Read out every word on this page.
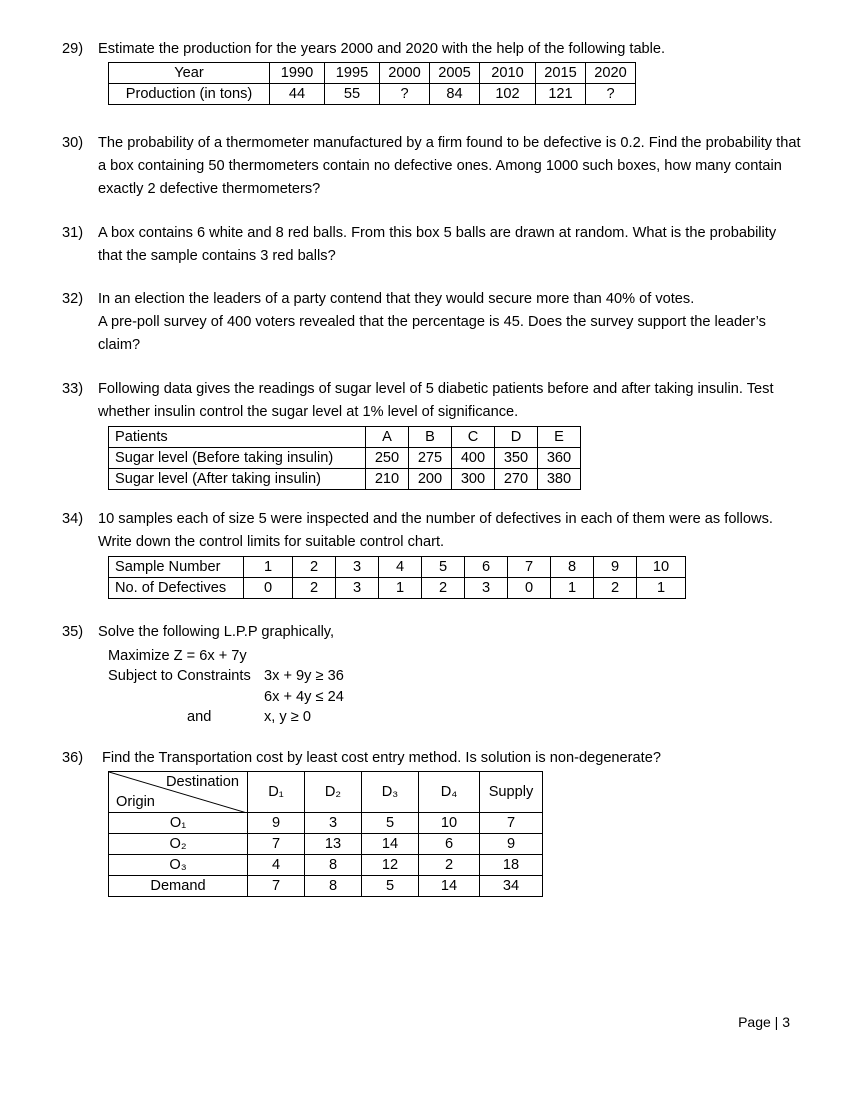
29) Estimate the production for the years 2000 and 2020 with the help of the following table.
Year	1990	1995	2000	2005	2010	2015	2020
Production (in tons)	44	55	?	84	102	121	?
30) The probability of a thermometer manufactured by a firm found to be defective is 0.2. Find the probability that a box containing 50 thermometers contain no defective ones. Among 1000 such boxes, how many contain exactly 2 defective thermometers?
31) A box contains 6 white and 8 red balls. From this box 5 balls are drawn at random. What is the probability that the sample contains 3 red balls?
32) In an election the leaders of a party contend that they would secure more than 40% of votes.
A pre-poll survey of 400 voters revealed that the percentage is 45. Does the survey support the leader’s claim?
33) Following data gives the readings of sugar level of 5 diabetic patients before and after taking insulin. Test whether insulin control the sugar level at 1% level of significance.
Patients	A	B	C	D	E
Sugar level (Before taking insulin)	250	275	400	350	360
Sugar level (After taking insulin)	210	200	300	270	380
34) 10 samples each of size 5 were inspected and the number of defectives in each of them were as follows. Write down the control limits for suitable control chart.
Sample Number	1	2	3	4	5	6	7	8	9	10
No. of Defectives	0	2	3	1	2	3	0	1	2	1
35) Solve the following L.P.P graphically,
Maximize Z = 6x + 7y
Subject to Constraints 3x + 9y ≥ 36
6x + 4y ≤ 24
and	x, y ≥ 0
36) Find the Transportation cost by least cost entry method. Is solution is non-degenerate?
Destination
Origin	D₁	D₂	D₃	D₄	Supply
O₁	9	3	5	10	7
O₂	7	13	14	6	9
O₃	4	8	12	2	18
Demand	7	8	5	14	34
Page | 3
